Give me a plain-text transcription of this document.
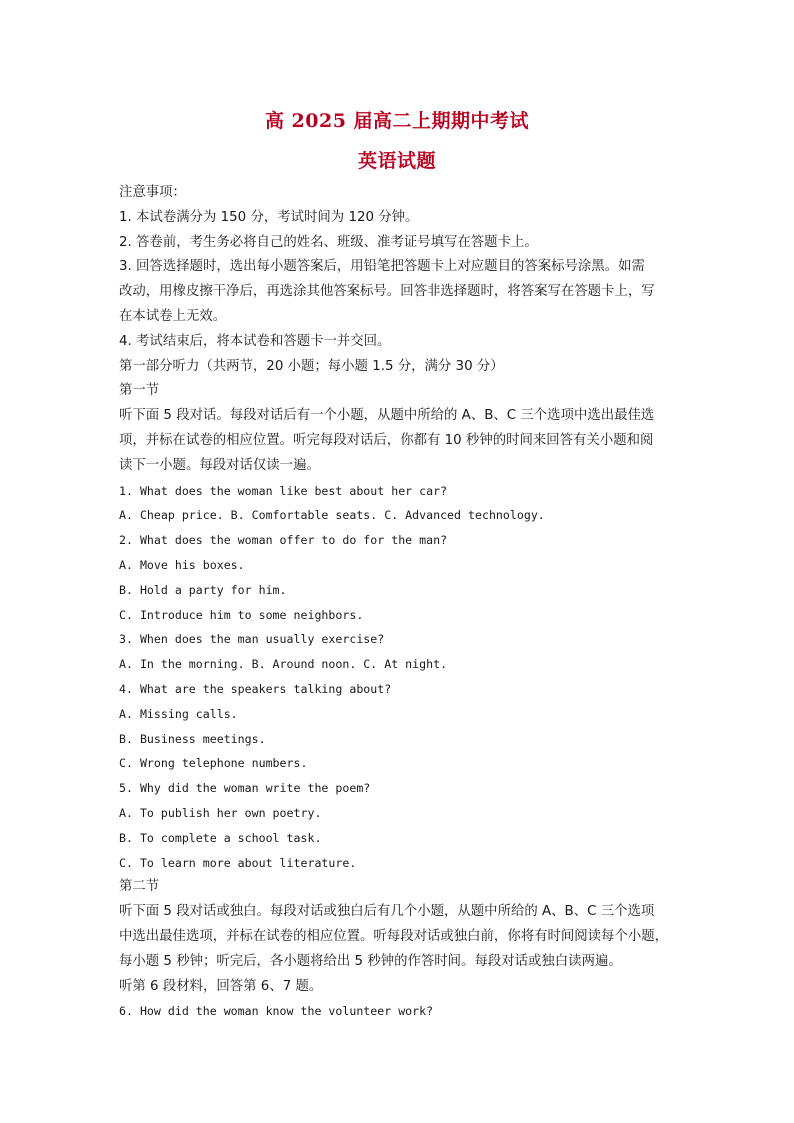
高 2025 届高二上期期中考试
英语试题
注意事项：
1. 本试卷满分为 150 分，考试时间为 120 分钟。
2. 答卷前，考生务必将自己的姓名、班级、准考证号填写在答题卡上。
3. 回答选择题时，选出每小题答案后，用铅笔把答题卡上对应题目的答案标号涂黑。如需
改动，用橡皮擦干净后，再选涂其他答案标号。回答非选择题时，将答案写在答题卡上，写
在本试卷上无效。
4. 考试结束后，将本试卷和答题卡一并交回。
第一部分听力（共两节，20 小题；每小题 1.5 分，满分 30 分）
第一节
听下面 5 段对话。每段对话后有一个小题，从题中所给的 A、B、C 三个选项中选出最佳选
项，并标在试卷的相应位置。听完每段对话后，你都有 10 秒钟的时间来回答有关小题和阅
读下一小题。每段对话仅读一遍。
1. What does the woman like best about her car?
A. Cheap price. B. Comfortable seats. C. Advanced technology.
2. What does the woman offer to do for the man?
A. Move his boxes.
B. Hold a party for him.
C. Introduce him to some neighbors.
3. When does the man usually exercise?
A. In the morning. B. Around noon. C. At night.
4. What are the speakers talking about?
A. Missing calls.
B. Business meetings.
C. Wrong telephone numbers.
5. Why did the woman write the poem?
A. To publish her own poetry.
B. To complete a school task.
C. To learn more about literature.
第二节
听下面 5 段对话或独白。每段对话或独白后有几个小题，从题中所给的 A、B、C 三个选项
中选出最佳选项，并标在试卷的相应位置。听每段对话或独白前，你将有时间阅读每个小题，
每小题 5 秒钟；听完后，各小题将给出 5 秒钟的作答时间。每段对话或独白读两遍。
听第 6 段材料，回答第 6、7 题。
6. How did the woman know the volunteer work?
